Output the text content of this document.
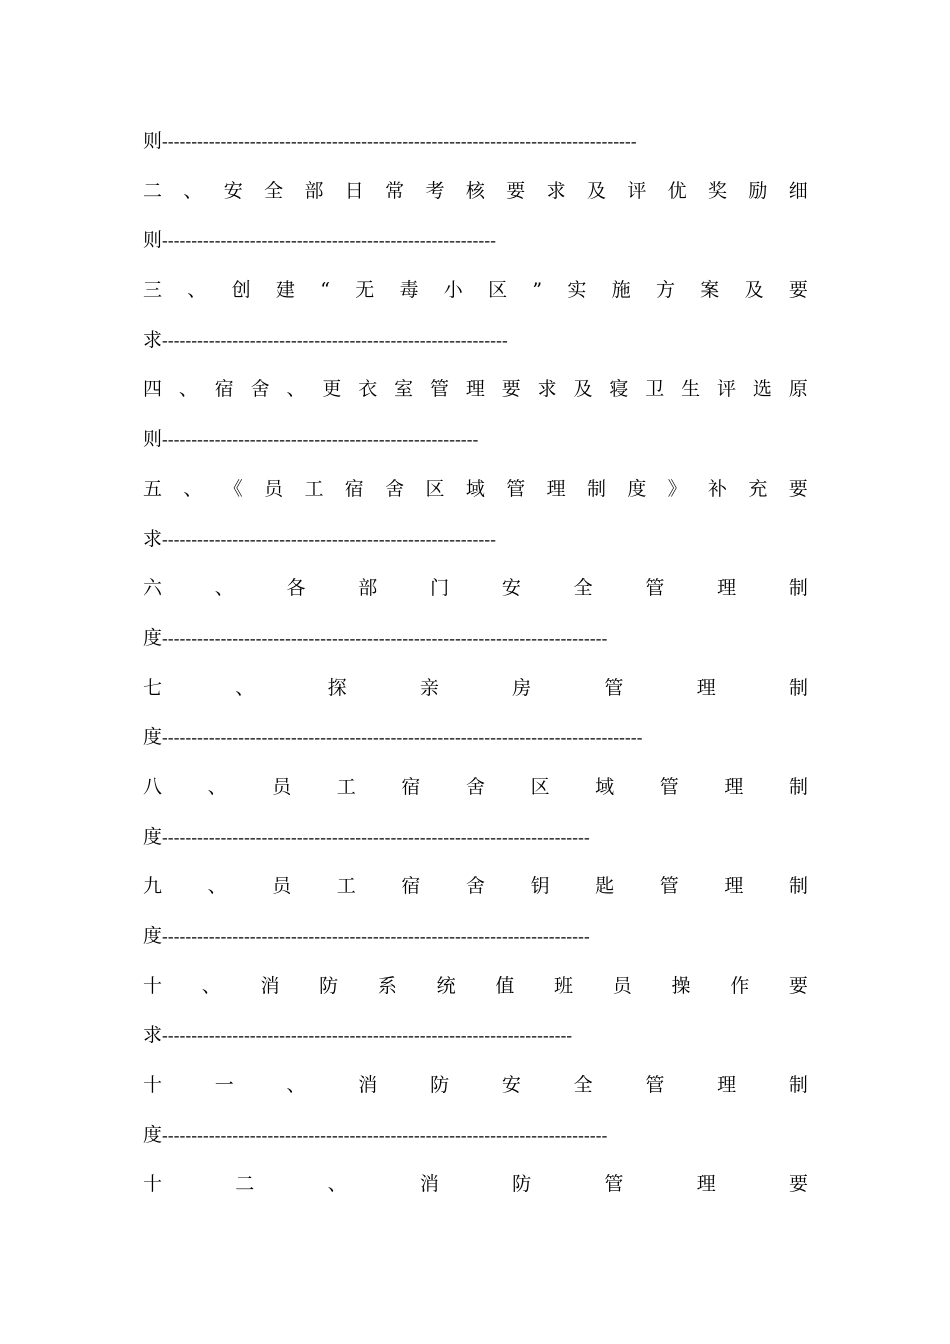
则---------------------------------------------------------------------------------
二 、 安 全 部 日 常 考 核 要 求 及 评 优 奖 励 细
则---------------------------------------------------------
三 、 创 建 “ 无 毒 小 区 ” 实 施 方 案 及 要
求-----------------------------------------------------------
四 、 宿 舍 、 更 衣 室 管 理 要 求 及 寝 卫 生 评 选 原
则------------------------------------------------------
五 、 《 员 工 宿 舍 区 域 管 理 制 度 》 补 充 要
求---------------------------------------------------------
六	、	各	部	门	安	全	管	理	制
度----------------------------------------------------------------------------
七	、	探	亲	房	管	理	制
度----------------------------------------------------------------------------------
八 、 员 工 宿 舍 区 域 管 理 制
度-------------------------------------------------------------------------
九 、 员 工 宿 舍 钥 匙 管 理 制
度-------------------------------------------------------------------------
十 、 消 防 系 统 值 班 员 操 作 要
求----------------------------------------------------------------------
十	一	、	消	防	安	全	管	理	制
度----------------------------------------------------------------------------
十	二	、	消	防	管	理	要
